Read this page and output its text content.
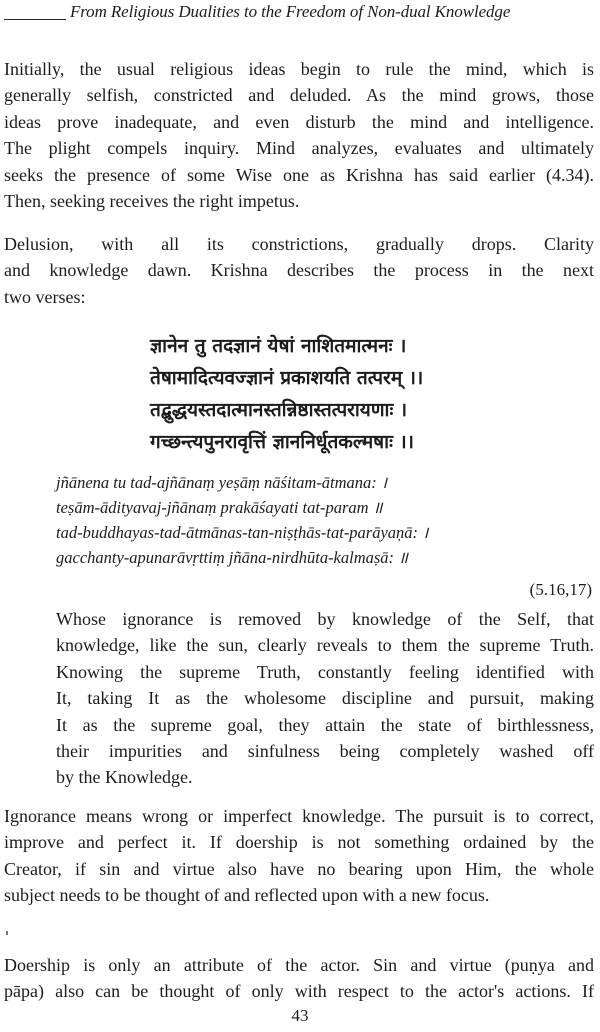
From Religious Dualities to the Freedom of Non-dual Knowledge
Initially, the usual religious ideas begin to rule the mind, which is
generally selfish, constricted and deluded. As the mind grows, those
ideas prove inadequate, and even disturb the mind and intelligence.
The plight compels inquiry. Mind analyzes, evaluates and ultimately
seeks the presence of some Wise one as Krishna has said earlier (4.34).
Then, seeking receives the right impetus.
Delusion, with all its constrictions, gradually drops. Clarity
and knowledge dawn. Krishna describes the process in the next
two verses:
ज्ञानेन तु तदज्ञानं येषां नाशितमात्मनः ।
तेषामादित्यवज्ज्ञानं प्रकाशयति तत्परम् ।।
तद्बुद्धयस्तदात्मानस्तन्निष्ठास्तत्परायणाः ।
गच्छन्त्यपुनरावृत्तिं ज्ञाननिर्धूतकल्मषाः ।।
jñānena tu tad-ajñānaṃ yeṣāṃ nāśitam-ātmana: ।
teṣām-ādityavaj-jñānaṃ prakāśayati tat-param ॥
tad-buddhayas-tad-ātmānas-tan-niṣṭhās-tat-parāyaṇā: ।
gacchanty-apunarāvṛttiṃ jñāna-nirdhūta-kalmaṣā: ॥
(5.16,17)
Whose ignorance is removed by knowledge of the Self, that
knowledge, like the sun, clearly reveals to them the supreme Truth.
Knowing the supreme Truth, constantly feeling identified with
It, taking It as the wholesome discipline and pursuit, making
It as the supreme goal, they attain the state of birthlessness,
their impurities and sinfulness being completely washed off
by the Knowledge.
Ignorance means wrong or imperfect knowledge. The pursuit is to correct,
improve and perfect it. If doership is not something ordained by the
Creator, if sin and virtue also have no bearing upon Him, the whole
subject needs to be thought of and reflected upon with a new focus.
Doership is only an attribute of the actor. Sin and virtue (puṇya and
pāpa) also can be thought of only with respect to the actor's actions. If
43
